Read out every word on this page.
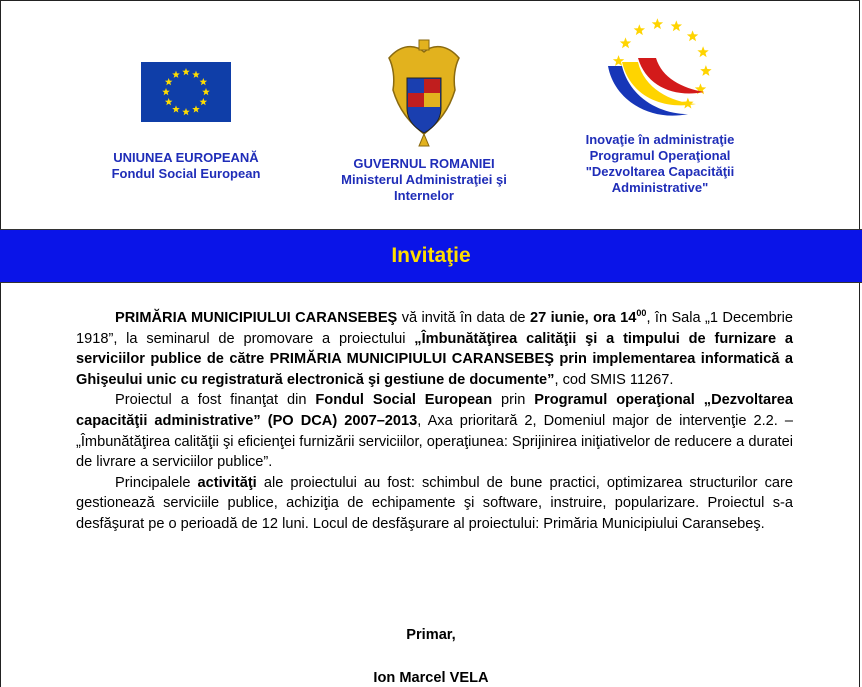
UNIUNEA EUROPEANĂ
Fondul Social European
GUVERNUL ROMANIEI
Ministerul Administraţiei şi
Internelor
Inovaţie în administraţie
Programul Operaţional
"Dezvoltarea Capacităţii
Administrative"
Invitaţie

PRIMĂRIA MUNICIPIULUI CARANSEBEŞ vă invită în data de 27 iunie, ora $14^{00}$, în Sala „1 Decembrie 1918”, la seminarul de promovare a proiectului „Îmbunătăţirea calităţii şi a timpului de furnizare a serviciilor publice de către PRIMĂRIA MUNICIPIULUI CARANSEBEŞ prin implementarea informatică a Ghişeului unic cu registratură electronică şi gestiune de documente”, cod SMIS 11267.

Proiectul a fost finanţat din Fondul Social European prin Programul operaţional „Dezvoltarea capacităţii administrative” (PO DCA) 2007–2013, Axa prioritară 2, Domeniul major de intervenţie 2.2. – „Îmbunătăţirea calităţii şi eficienţei furnizării serviciilor, operaţiunea: Sprijinirea iniţiativelor de reducere a duratei de livrare a serviciilor publice”.

Principalele activităţi ale proiectului au fost: schimbul de bune practici, optimizarea structurilor care gestionează serviciile publice, achiziţia de echipamente şi software, instruire, popularizare. Proiectul s-a desfăşurat pe o perioadă de 12 luni. Locul de desfăşurare al proiectului: Primăria Municipiului Caransebeş.

Primar,
Ion Marcel VELA
